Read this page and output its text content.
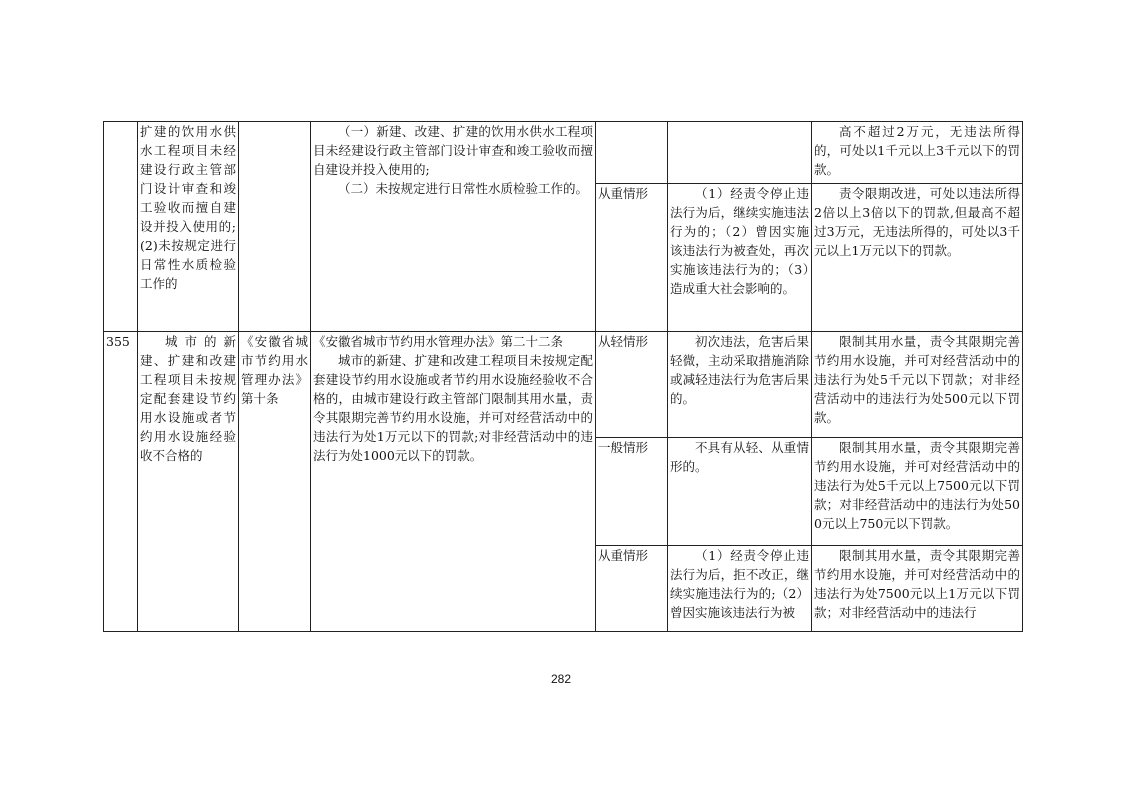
	扩建的饮用水供水工程项目未经建设行政主管部门设计审查和竣工验收而擅自建设并投入使用的;(2)未按规定进行日常性水质检验工作的		（一）新建、改建、扩建的饮用水供水工程项目未经建设行政主管部门设计审查和竣工验收而擅自建设并投入使用的;
（二）未按规定进行日常性水质检验工作的。			高不超过2万元，无违法所得的，可处以1千元以上3千元以下的罚款。

				从重情形	（1）经责令停止违法行为后，继续实施违法行为的；（2）曾因实施该违法行为被查处，再次实施该违法行为的；（3）造成重大社会影响的。	责令限期改进，可处以违法所得2倍以上3倍以下的罚款,但最高不超过3万元，无违法所得的，可处以3千元以上1万元以下的罚款。

355	城市的新建、扩建和改建工程项目未按规定配套建设节约用水设施或者节约用水设施经验收不合格的	《安徽省城市节约用水管理办法》第十条	《安徽省城市节约用水管理办法》第二十二条
城市的新建、扩建和改建工程项目未按规定配套建设节约用水设施或者节约用水设施经验收不合格的，由城市建设行政主管部门限制其用水量，责令其限期完善节约用水设施，并可对经营活动中的违法行为处1万元以下的罚款;对非经营活动中的违法行为处1000元以下的罚款。	从轻情形	初次违法，危害后果轻微，主动采取措施消除或减轻违法行为危害后果的。	限制其用水量，责令其限期完善节约用水设施，并可对经营活动中的违法行为处5千元以下罚款；对非经营活动中的违法行为处500元以下罚款。

				一般情形	不具有从轻、从重情形的。	限制其用水量，责令其限期完善节约用水设施，并可对经营活动中的违法行为处5千元以上7500元以下罚款；对非经营活动中的违法行为处500元以上750元以下罚款。

				从重情形	（1）经责令停止违法行为后，拒不改正，继续实施违法行为的;（2）曾因实施该违法行为被	限制其用水量，责令其限期完善节约用水设施，并可对经营活动中的违法行为处7500元以上1万元以下罚款；对非经营活动中的违法行
282
